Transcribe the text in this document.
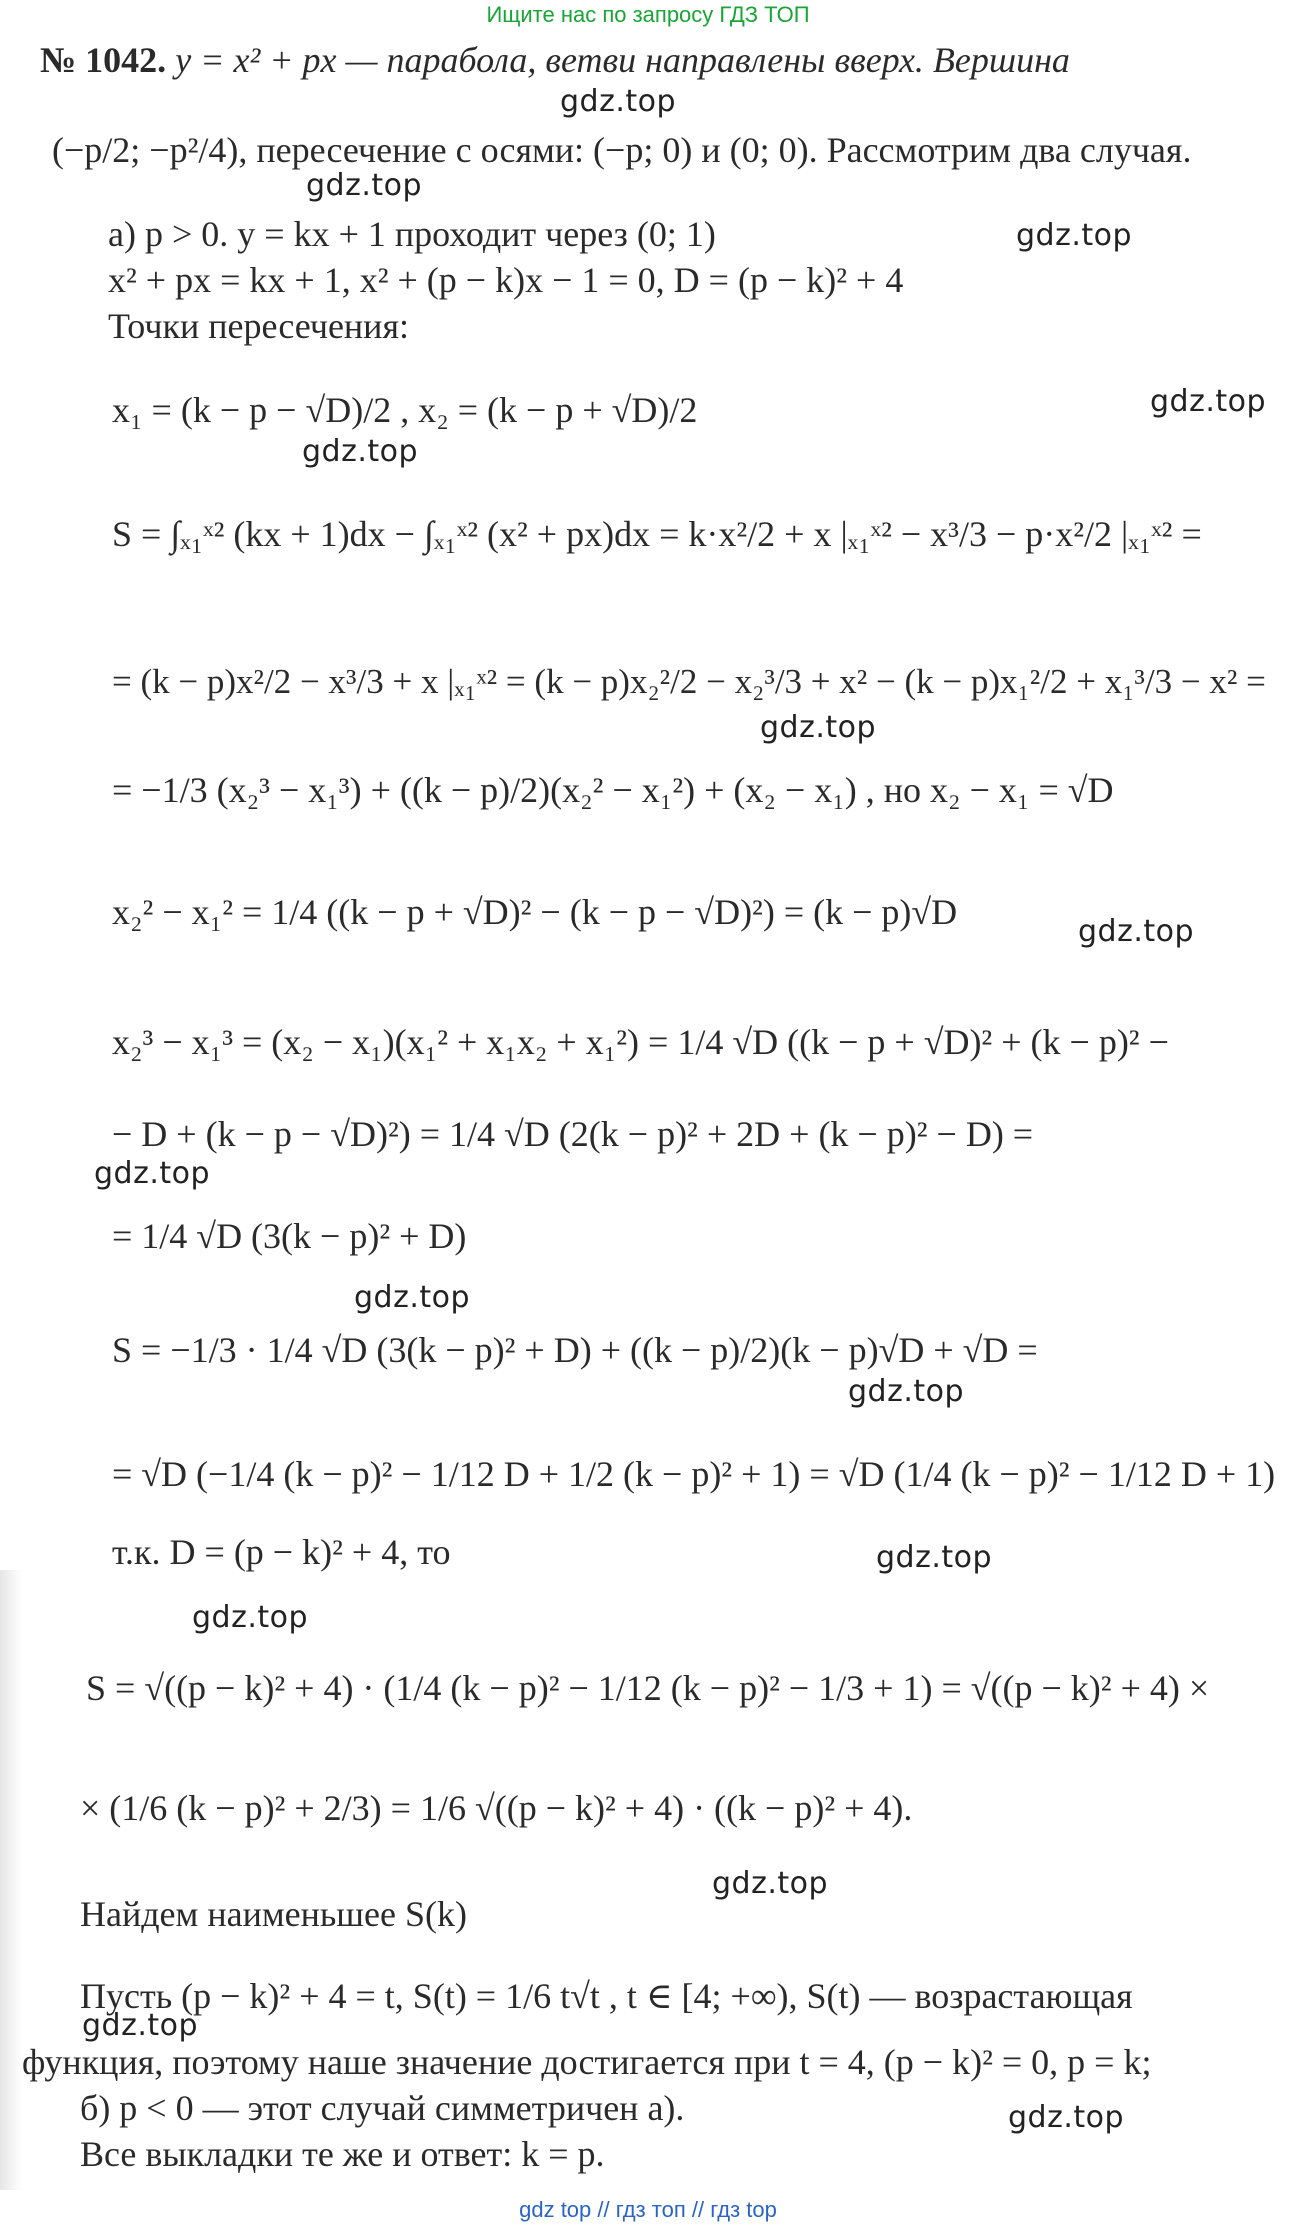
Ищите нас по запросу ГДЗ ТОП
№ 1042. y = x² + px — парабола, ветви направлены вверх. Вершина
(−p/2; −p²/4), пересечение с осями: (−p; 0) и (0; 0). Рассмотрим два случая.
а) p > 0. y = kx + 1 проходит через (0; 1)
x² + px = kx + 1, x² + (p − k)x − 1 = 0, D = (p − k)² + 4
Точки пересечения:
x₁ = (k − p − √D)/2 , x₂ = (k − p + √D)/2
S = ∫ₓ₁ˣ² (kx + 1)dx − ∫ₓ₁ˣ² (x² + px)dx = k·x²/2 + x |ₓ₁ˣ² − x³/3 − p·x²/2 |ₓ₁ˣ² =
= (k − p)x²/2 − x³/3 + x |ₓ₁ˣ² = (k − p)x₂²/2 − x₂³/3 + x² − (k − p)x₁²/2 + x₁³/3 − x² =
= −1/3 (x₂³ − x₁³) + ((k − p)/2)(x₂² − x₁²) + (x₂ − x₁) , но x₂ − x₁ = √D
x₂² − x₁² = 1/4 ((k − p + √D)² − (k − p − √D)²) = (k − p)√D
x₂³ − x₁³ = (x₂ − x₁)(x₁² + x₁x₂ + x₁²) = 1/4 √D ((k − p + √D)² + (k − p)² −
− D + (k − p − √D)²) = 1/4 √D (2(k − p)² + 2D + (k − p)² − D) =
= 1/4 √D (3(k − p)² + D)
S = −1/3 · 1/4 √D (3(k − p)² + D) + ((k − p)/2)(k − p)√D + √D =
= √D (−1/4 (k − p)² − 1/12 D + 1/2 (k − p)² + 1) = √D (1/4 (k − p)² − 1/12 D + 1)
т.к. D = (p − k)² + 4, то
S = √((p − k)² + 4) · (1/4 (k − p)² − 1/12 (k − p)² − 1/3 + 1) = √((p − k)² + 4) ×
× (1/6 (k − p)² + 2/3) = 1/6 √((p − k)² + 4) · ((k − p)² + 4).
Найдем наименьшее S(k)
Пусть (p − k)² + 4 = t, S(t) = 1/6 t√t , t ∈ [4; +∞), S(t) — возрастающая
функция, поэтому наше значение достигается при t = 4, (p − k)² = 0, p = k;
б) p < 0 — этот случай симметричен а).
Все выкладки те же и ответ: k = p.
gdz.top
gdz.top
gdz.top
gdz.top
gdz.top
gdz.top
gdz.top
gdz.top
gdz.top
gdz.top
gdz.top
gdz.top
gdz.top
gdz.top
gdz.top
gdz top // гдз топ // гдз top
